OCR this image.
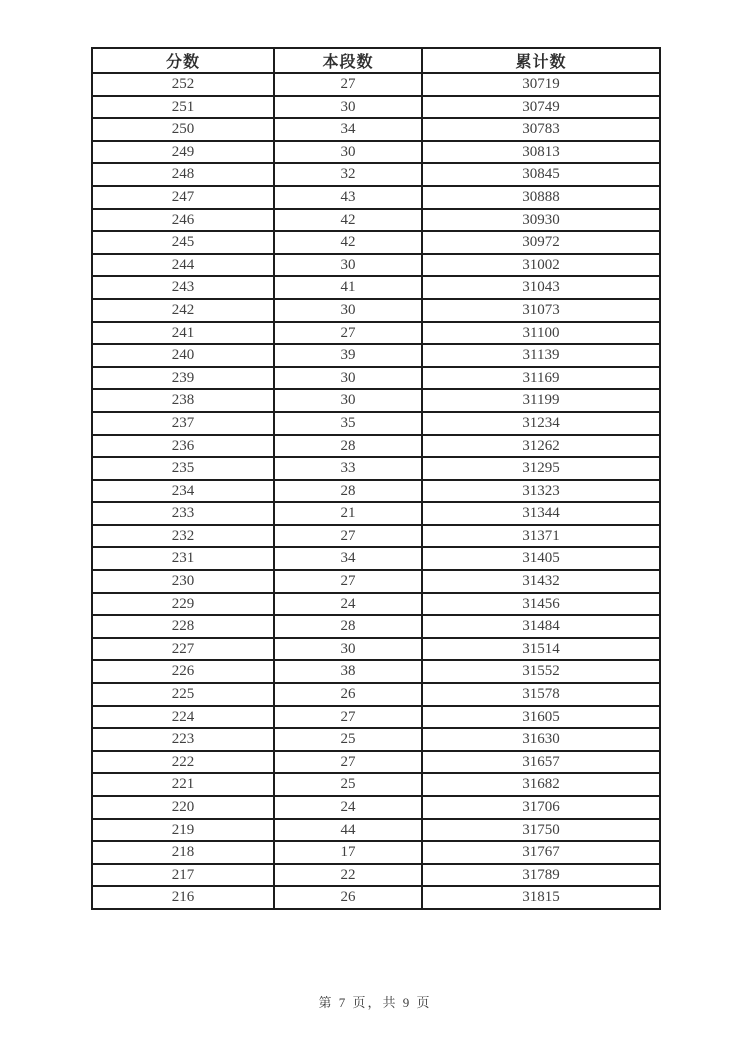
分数	本段数	累计数
252	27	30719
251	30	30749
250	34	30783
249	30	30813
248	32	30845
247	43	30888
246	42	30930
245	42	30972
244	30	31002
243	41	31043
242	30	31073
241	27	31100
240	39	31139
239	30	31169
238	30	31199
237	35	31234
236	28	31262
235	33	31295
234	28	31323
233	21	31344
232	27	31371
231	34	31405
230	27	31432
229	24	31456
228	28	31484
227	30	31514
226	38	31552
225	26	31578
224	27	31605
223	25	31630
222	27	31657
221	25	31682
220	24	31706
219	44	31750
218	17	31767
217	22	31789
216	26	31815
第 7 页，共 9 页
